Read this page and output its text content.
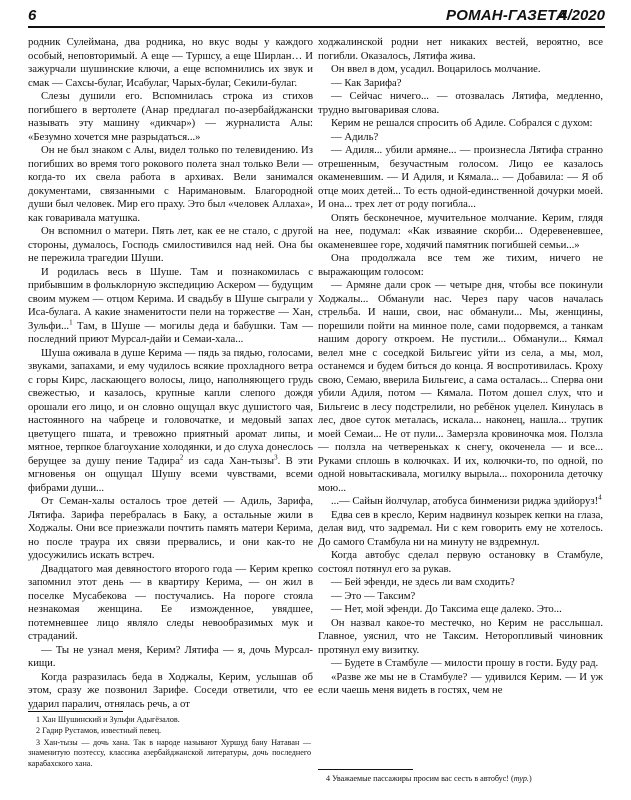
6	РОМАН-ГАЗЕТА
4/2020

родник Сулеймана, два родника, но вкус воды у каждого особый, неповторимый. А еще — Туршсу, а еще Ширлан… И зажурчали шушинские ключи, а еще вспомнились их звук и смак — Сахсы-булаг, Исабулаг, Чарых-булаг, Секили-булаг.

Слезы душили его. Вспомнилась строка из стихов погибшего в вертолете (Анар предлагал по-азербайджански называть эту машину «дикчар») — журналиста Алы: «Безумно хочется мне разрыдаться...»

Он не был знаком с Алы, видел только по телевидению. Из погибших во время того рокового полета знал только Вели — когда-то их свела работа в архивах. Вели занимался документами, связанными с Наримановым. Благородной души был человек. Мир его праху. Это был «человек Аллаха», как говаривала матушка.

Он вспомнил о матери. Пять лет, как ее не стало, с другой стороны, думалось, Господь смилостивился над ней. Она бы не пережила трагедии Шуши.

И родилась весь в Шуше. Там и познакомилась с прибывшим в фольклорную экспедицию Аскером — будущим своим мужем — отцом Керима. И свадьбу в Шуше сыграли у Иса-булага. А какие знаменитости пели на торжестве — Хан, Зульфи...$^1$ Там, в Шуше — могилы деда и бабушки. Там — последний приют Мурсал-дайи и Семаи-хала...

Шуша оживала в душе Керима — пядь за пядью, голосами, звуками, запахами, и ему чудилось всякие прохладного ветра с горы Кирс, ласкающего волосы, лицо, наполняющего грудь свежестью, и казалось, крупные капли слепого дождя орошали его лицо, и он словно ощущал вкус душистого чая, настоянного на чабреце и головочатке, и медовый запах цветущего пшата, и тревожно приятный аромат липы, и мятное, терпкое благоухание холодянки, и до слуха донеслось берущее за душу пение Тадира$^2$ из сада Хан-тызы$^3$. В эти мгновенья он ощущал Шушу всеми чувствами, всеми фибрами души...

От Семан-халы осталось трое детей — Адиль, Зарифа, Лятифа. Зарифа перебралась в Баку, а остальные жили в Ходжалы. Они все приезжали почтить память матери Керима, но после траура их связи прервались, и они как-то не удосужились искать встреч.

Двадцатого мая девяностого второго года — Керим крепко запомнил этот день — в квартиру Керима, — он жил в поселке Мусабекова — постучались. На пороге стояла незнакомая женщина. Ее изможденное, увядшее, потемневшее лицо являло следы невообразимых мук и страданий.

— Ты не узнал меня, Керим? Лятифа — я, дочь Мурсал-кищи.

Когда разразилась беда в Ходжалы, Керим, услышав об этом, сразу же позвонил Зарифе. Соседи ответили, что ее ударил паралич, отнялась речь, а от

1 Хан Шушинский и Зульфи Адыгёзалов.

2 Гадир Рустамов, известный певец.

3 Хан-тызы — дочь хана. Так в народе называют Хуршуд бану Натаван — знаменитую поэтессу, классика азербайджанской литературы, дочь последнего карабахского хана.

ходжалинской родни нет никаких вестей, вероятно, все погибли. Оказалось, Лятифа жива.

Он ввел в дом, усадил. Воцарилось молчание.

— Как Зарифа?

— Сейчас ничего... — отозвалась Лятифа, медленно, трудно выговаривая слова.

Керим не решался спросить об Адиле. Собрался с духом:

— Адиль?

— Адиля... убили армяне... — произнесла Лятифа странно отрешенным, безучастным голосом. Лицо ее казалось окаменевшим. — И Адиля, и Кямала... — Добавила: — Я об отце моих детей... То есть одной-единственной дочурки моей. И она... трех лет от роду погибла...

Опять бесконечное, мучительное молчание. Керим, глядя на нее, подумал: «Как изваяние скорби... Одеревеневшее, окаменевшее горе, ходячий памятник погибшей семьи...»

Она продолжала все тем же тихим, ничего не выражающим голосом:

— Армяне дали срок — четыре дня, чтобы все покинули Ходжалы... Обманули нас. Через пару часов началась стрельба. И наши, свои, нас обманули... Мы, женщины, порешили пойти на минное поле, сами подорвемся, а танкам нашим дорогу откроем. Не пустили... Обманули... Кямал велел мне с соседкой Бильгеис уйти из села, а мы, мол, останемся и будем биться до конца. Я воспротивилась. Кроху свою, Семаю, вверила Бильгеис, а сама осталась... Сперва они убили Адиля, потом — Кямала. Потом дошел слух, что и Бильгеис в лесу подстрелили, но ребёнок уцелел. Кинулась в лес, двое суток металась, искала... наконец, нашла... трупик моей Семаи... Не от пули... Замерзла кровиночка моя. Ползла — ползла на четвереньках к снегу, окоченела — и все... Руками сплошь в колючках. И их, колючки-то, по одной, по одной новытаскивала, могилку вырыла... похоронила деточку мою...

...— Сайын йолчулар, атобуса бинменизи риджа эдийоруз!$^4$

Едва сев в кресло, Керим надвинул козырек кепки на глаза, делая вид, что задремал. Ни с кем говорить ему не хотелось. До самого Стамбула ни на минуту не вздремнул.

Когда автобус сделал первую остановку в Стамбуле, состоял потянул его за рукав.

— Бей эфенди, не здесь ли вам сходить?

— Это — Таксим?

— Нет, мой эфенди. До Таксима еще далеко. Это...

Он назвал какое-то местечко, но Керим не расслышал. Главное, уяснил, что не Таксим. Неторопливый чиновник протянул ему визитку.

— Будете в Стамбуле — милости прошу в гости. Буду рад.

«Разве же мы не в Стамбуле? — удивился Керим. — И уж если чаешь меня видеть в гостях, чем не

4 Уважаемые пассажиры просим вас сесть в автобус! (тур.)
